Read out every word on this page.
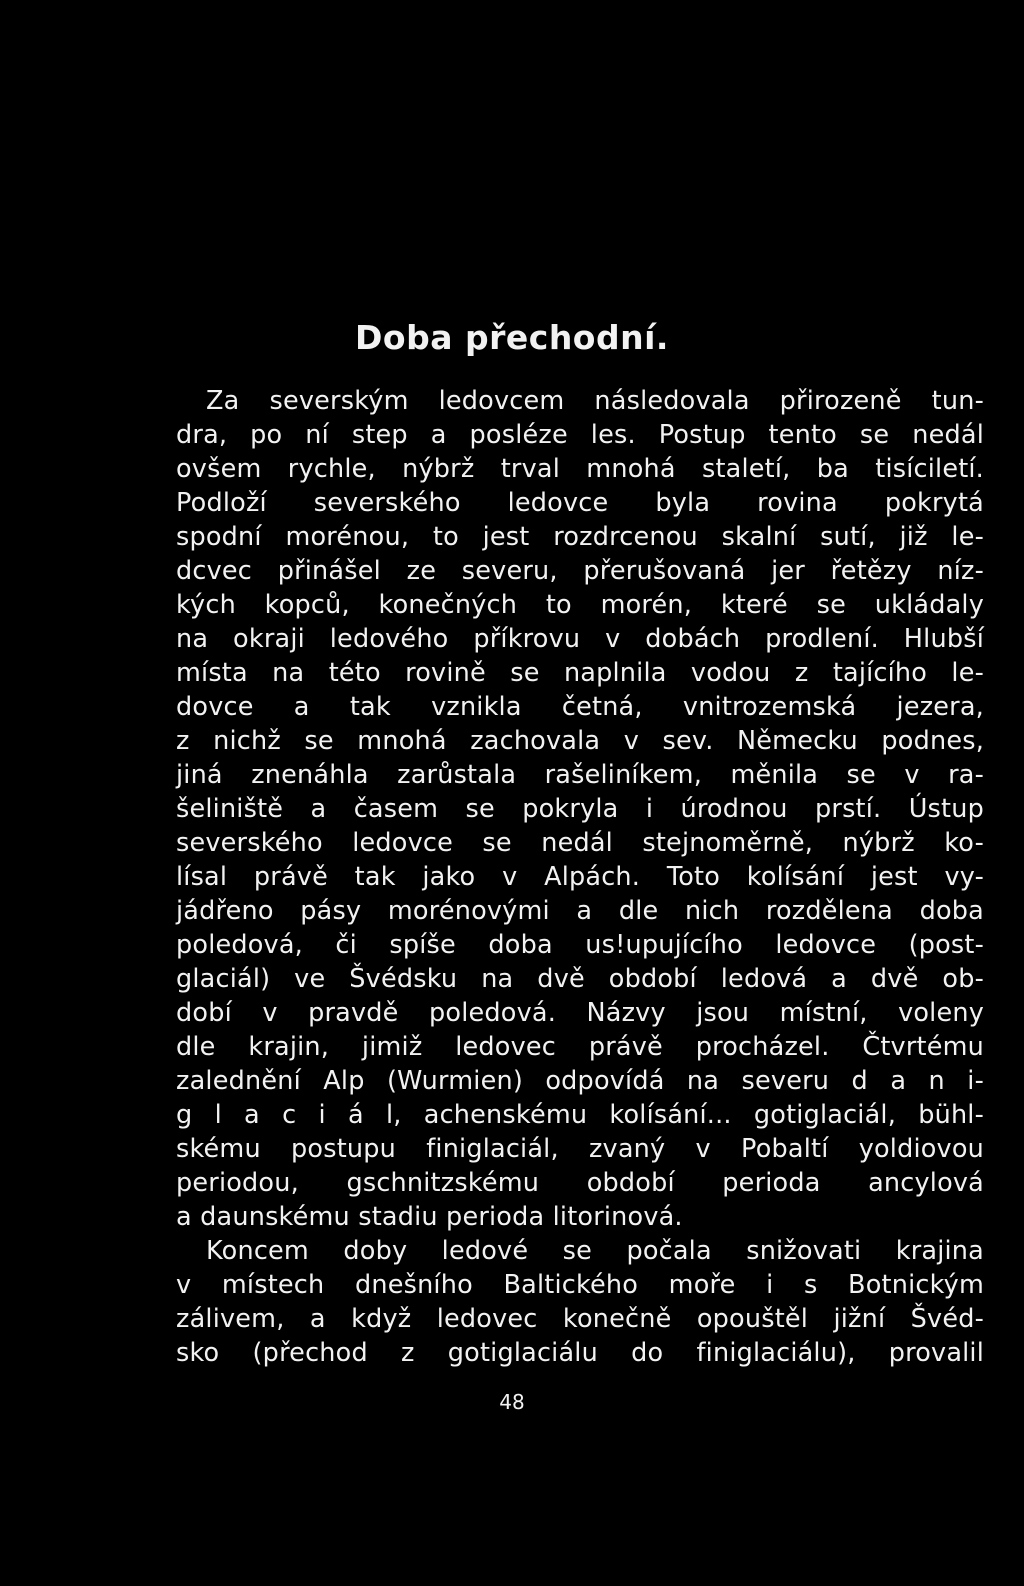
Doba přechodní.
Za severským ledovcem následovala přirozeně tun-
dra, po ní step a posléze les. Postup tento se nedál
ovšem rychle, nýbrž trval mnohá staletí, ba tisíciletí.
Podloží severského ledovce byla rovina pokrytá
spodní morénou, to jest rozdrcenou skalní sutí, již le-
dcvec přinášel ze severu, přerušovaná jer řetězy níz-
kých kopců, konečných to morén, které se ukládaly
na okraji ledového příkrovu v dobách prodlení. Hlubší
místa na této rovině se naplnila vodou z tajícího le-
dovce a tak vznikla četná, vnitrozemská jezera,
z nichž se mnohá zachovala v sev. Německu podnes,
jiná znenáhla zarůstala rašeliníkem, měnila se v ra-
šeliniště a časem se pokryla i úrodnou prstí. Ústup
severského ledovce se nedál stejnoměrně, nýbrž ko-
lísal právě tak jako v Alpách. Toto kolísání jest vy-
jádřeno pásy morénovými a dle nich rozdělena doba
poledová, či spíše doba us!upujícího ledovce (post-
glaciál) ve Švédsku na dvě období ledová a dvě ob-
dobí v pravdě poledová. Názvy jsou místní, voleny
dle krajin, jimiž ledovec právě procházel. Čtvrtému
zalednění Alp (Wurmien) odpovídá na severu d a n i-
g l a c i á l, achenskému kolísání... gotiglaciál, bühl-
skému postupu finiglaciál, zvaný v Pobaltí yoldiovou
periodou, gschnitzskému období perioda ancylová
a daunskému stadiu perioda litorinová.
Koncem doby ledové se počala snižovati krajina
v místech dnešního Baltického moře i s Botnickým
zálivem, a když ledovec konečně opouštěl jižní Švéd-
sko (přechod z gotiglaciálu do finiglaciálu), provalil
48
